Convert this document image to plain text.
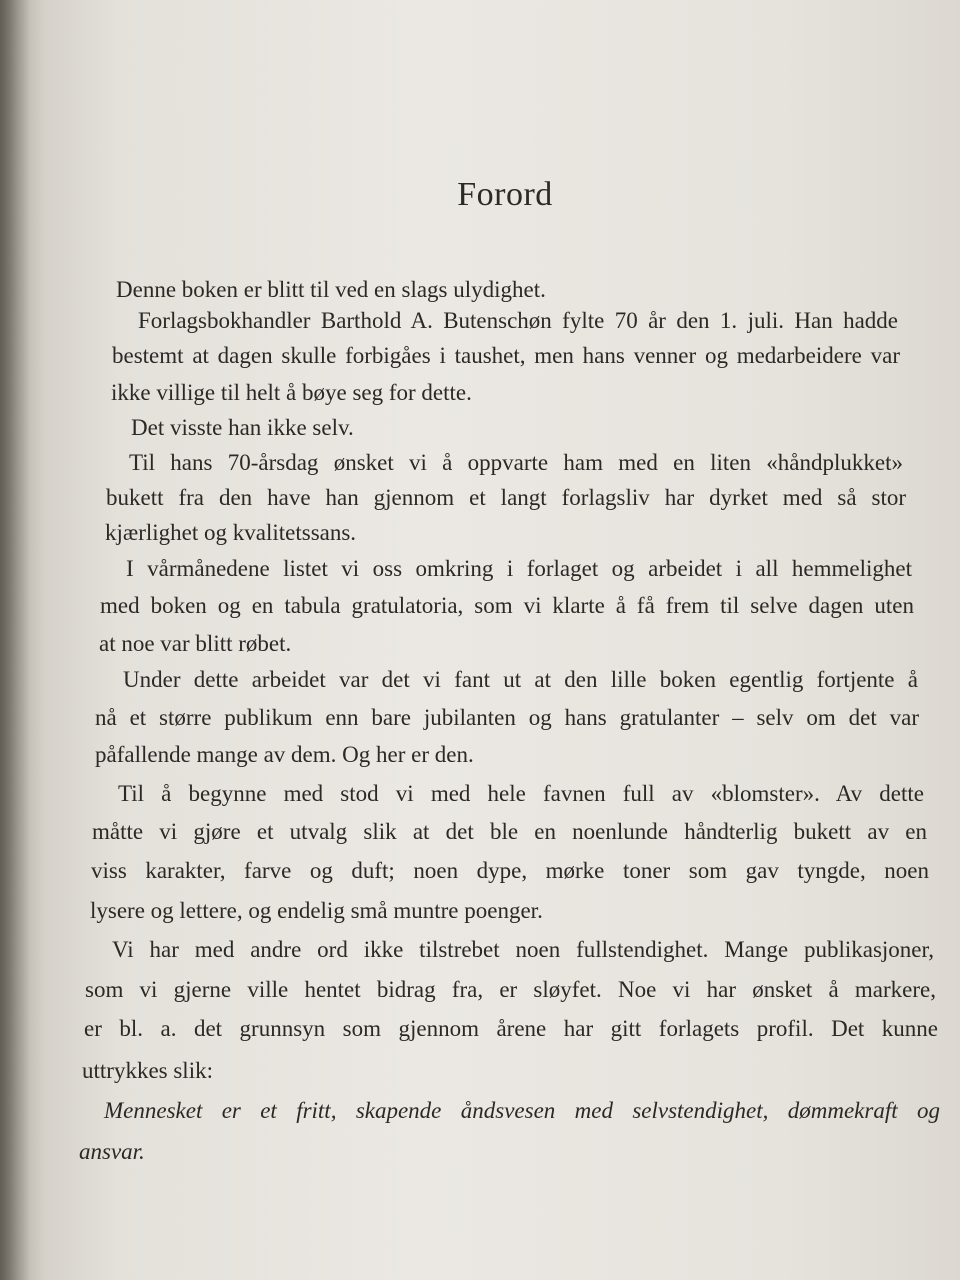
Forord
Denne boken er blitt til ved en slags ulydighet.
Forlagsbokhandler Barthold A. Butenschøn fylte 70 år den 1. juli. Han hadde
bestemt at dagen skulle forbigåes i taushet, men hans venner og medarbeidere var
ikke villige til helt å bøye seg for dette.
Det visste han ikke selv.
Til hans 70-årsdag ønsket vi å oppvarte ham med en liten «håndplukket»
bukett fra den have han gjennom et langt forlagsliv har dyrket med så stor
kjærlighet og kvalitetssans.
I vårmånedene listet vi oss omkring i forlaget og arbeidet i all hemmelighet
med boken og en tabula gratulatoria, som vi klarte å få frem til selve dagen uten
at noe var blitt røbet.
Under dette arbeidet var det vi fant ut at den lille boken egentlig fortjente å
nå et større publikum enn bare jubilanten og hans gratulanter – selv om det var
påfallende mange av dem. Og her er den.
Til å begynne med stod vi med hele favnen full av «blomster». Av dette
måtte vi gjøre et utvalg slik at det ble en noenlunde håndterlig bukett av en
viss karakter, farve og duft; noen dype, mørke toner som gav tyngde, noen
lysere og lettere, og endelig små muntre poenger.
Vi har med andre ord ikke tilstrebet noen fullstendighet. Mange publikasjoner,
som vi gjerne ville hentet bidrag fra, er sløyfet. Noe vi har ønsket å markere,
er bl. a. det grunnsyn som gjennom årene har gitt forlagets profil. Det kunne
uttrykkes slik:
Mennesket er et fritt, skapende åndsvesen med selvstendighet, dømmekraft og
ansvar.
